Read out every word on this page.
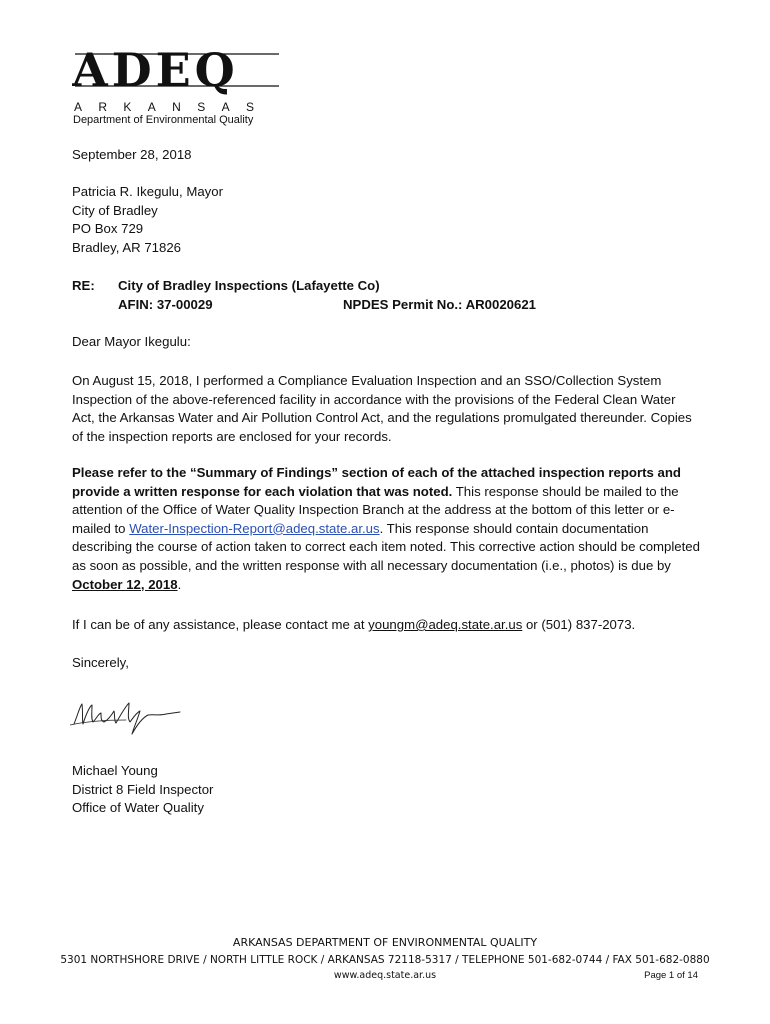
ADEQ
A R K A N S A S
Department of Environmental Quality
September 28, 2018
Patricia R. Ikegulu, Mayor
City of Bradley
PO Box 729
Bradley, AR 71826
RE: City of Bradley Inspections (Lafayette Co)
AFIN: 37-00029	NPDES Permit No.: AR0020621
Dear Mayor Ikegulu:
On August 15, 2018, I performed a Compliance Evaluation Inspection and an SSO/Collection System Inspection of the above-referenced facility in accordance with the provisions of the Federal Clean Water Act, the Arkansas Water and Air Pollution Control Act, and the regulations promulgated thereunder. Copies of the inspection reports are enclosed for your records.
Please refer to the “Summary of Findings” section of each of the attached inspection reports and provide a written response for each violation that was noted. This response should be mailed to the attention of the Office of Water Quality Inspection Branch at the address at the bottom of this letter or e-mailed to Water-Inspection-Report@adeq.state.ar.us. This response should contain documentation describing the course of action taken to correct each item noted. This corrective action should be completed as soon as possible, and the written response with all necessary documentation (i.e., photos) is due by October 12, 2018.
If I can be of any assistance, please contact me at youngm@adeq.state.ar.us or (501) 837-2073.
Sincerely,
Michael Young
District 8 Field Inspector
Office of Water Quality
ARKANSAS DEPARTMENT OF ENVIRONMENTAL QUALITY
5301 NORTHSHORE DRIVE / NORTH LITTLE ROCK / ARKANSAS 72118-5317 / TELEPHONE 501-682-0744 / FAX 501-682-0880
www.adeq.state.ar.us	Page 1 of 14
